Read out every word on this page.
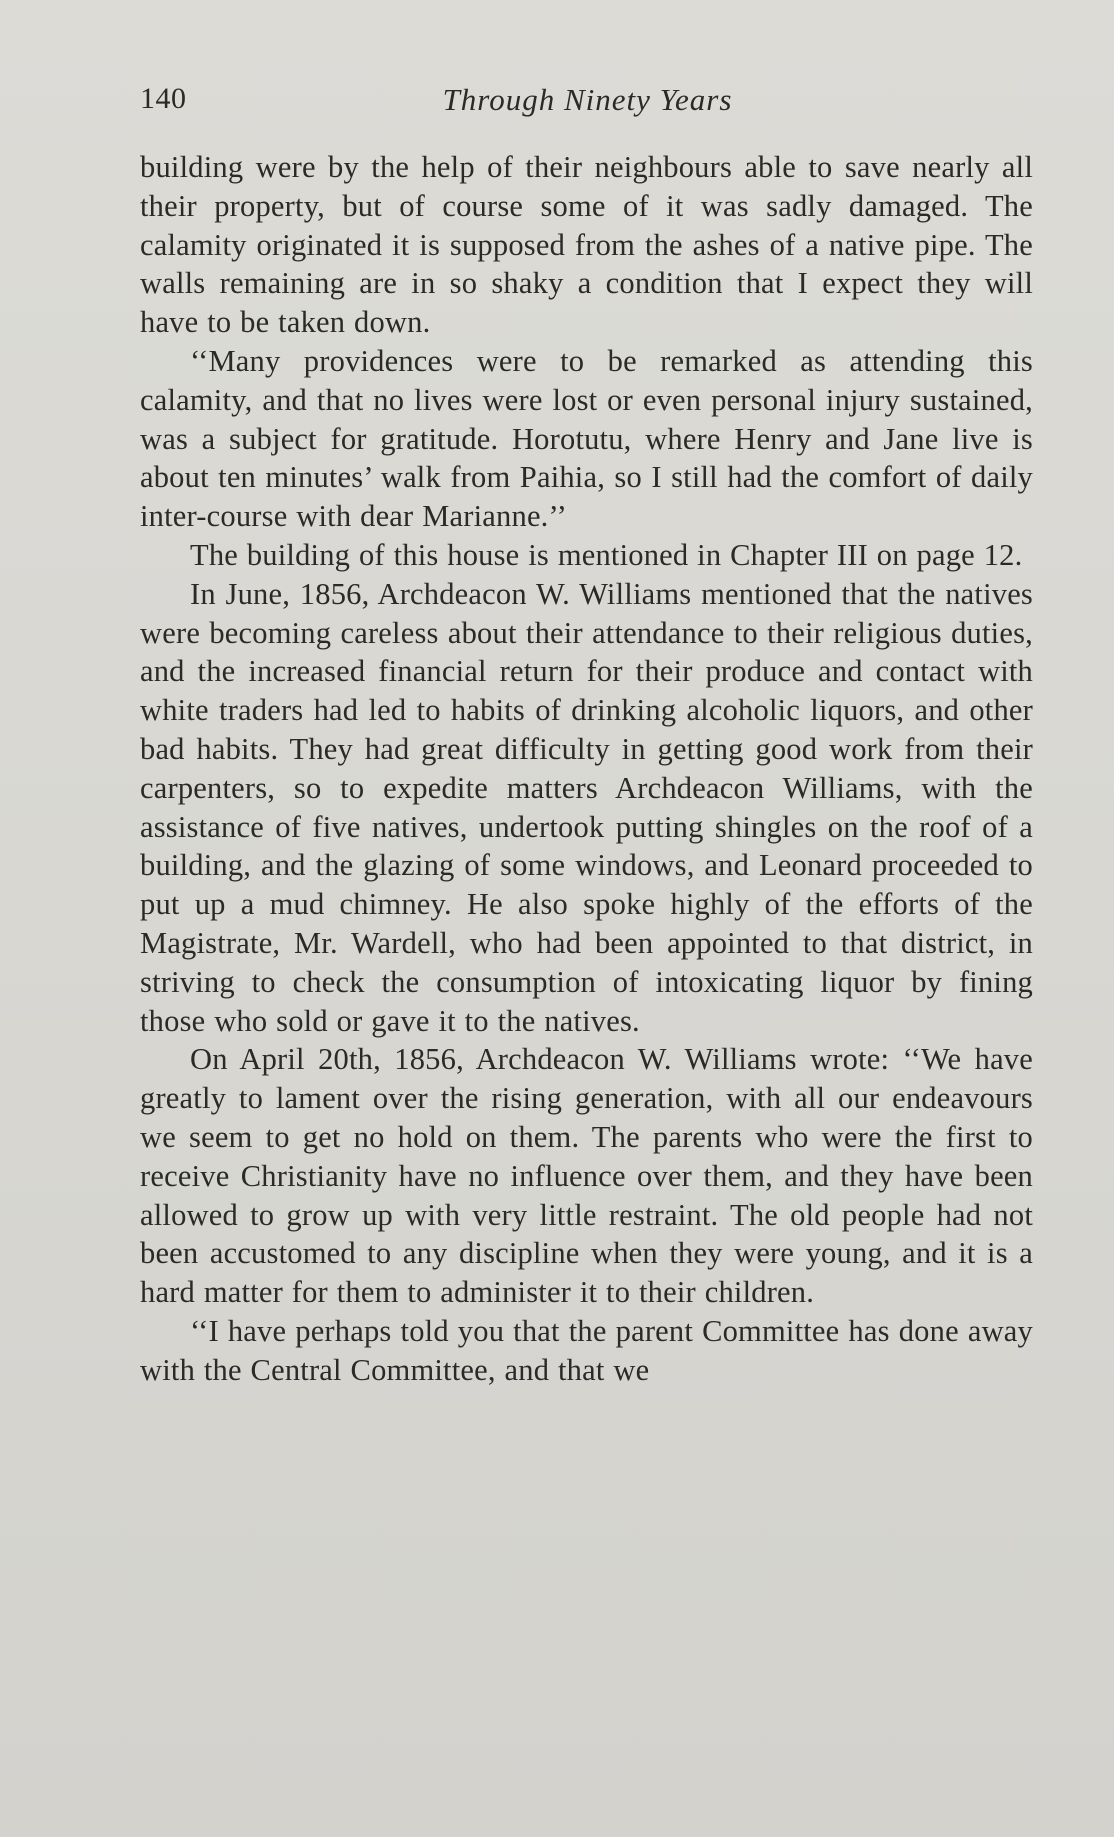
140	Through Ninety Years

building were by the help of their neighbours able to save nearly all their property, but of course some of it was sadly damaged. The calamity originated it is supposed from the ashes of a native pipe. The walls remaining are in so shaky a condition that I expect they will have to be taken down.

‘‘Many providences were to be remarked as attending this calamity, and that no lives were lost or even personal injury sustained, was a subject for gratitude. Horotutu, where Henry and Jane live is about ten minutes’ walk from Paihia, so I still had the comfort of daily inter-course with dear Marianne.’’

The building of this house is mentioned in Chapter III on page 12.

In June, 1856, Archdeacon W. Williams mentioned that the natives were becoming careless about their attendance to their religious duties, and the increased financial return for their produce and contact with white traders had led to habits of drinking alcoholic liquors, and other bad habits. They had great difficulty in getting good work from their carpenters, so to expedite matters Archdeacon Williams, with the assistance of five natives, undertook putting shingles on the roof of a building, and the glazing of some windows, and Leonard proceeded to put up a mud chimney. He also spoke highly of the efforts of the Magistrate, Mr. Wardell, who had been appointed to that district, in striving to check the consumption of intoxicating liquor by fining those who sold or gave it to the natives.

On April 20th, 1856, Archdeacon W. Williams wrote: ‘‘We have greatly to lament over the rising generation, with all our endeavours we seem to get no hold on them. The parents who were the first to receive Christianity have no influence over them, and they have been allowed to grow up with very little restraint. The old people had not been accustomed to any discipline when they were young, and it is a hard matter for them to administer it to their children.

‘‘I have perhaps told you that the parent Committee has done away with the Central Committee, and that we
